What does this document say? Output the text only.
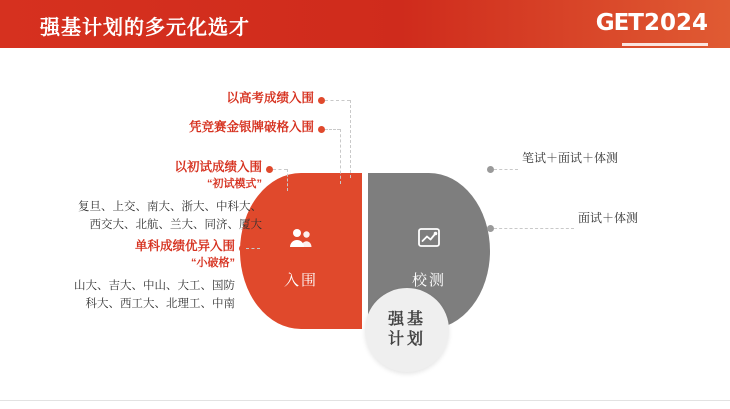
强基计划的多元化选才	GET 2024
入围	校测
强基
计划
以高考成绩入围
凭竞赛金银牌破格入围
以初试成绩入围
“初试模式”
复旦、上交、南大、浙大、中科大、
西交大、北航、兰大、同济、厦大
单科成绩优异入围
“小破格”
山大、吉大、中山、大工、国防
科大、西工大、北理工、中南
笔试＋面试＋体测
面试＋体测
